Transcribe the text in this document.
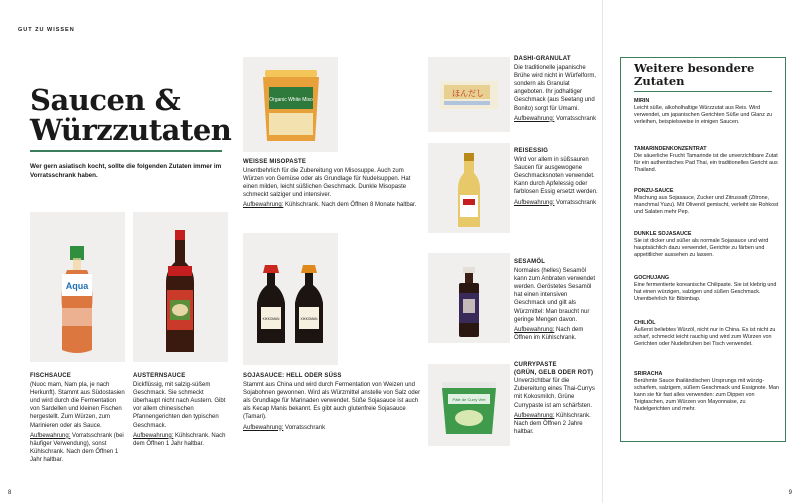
GUT ZU WISSEN
Saucen &
Würzzutaten
Wer gern asiatisch kocht, sollte die folgenden Zutaten immer im Vorratsschrank haben.
Aqua
Organic White Miso
KIKKOMAN	KIKKOMAN
ほんだし
Pâte de Curry Vert
FISCHSAUCE

(Nuoc mam, Nam pla, je nach Herkunft). Stammt aus Südostasien und wird durch die Fermentation von Sardellen und kleinen Fischen hergestellt. Zum Würzen, zum Marinieren oder als Sauce.

Aufbewahrung: Vorratsschrank (bei häufiger Verwendung), sonst Kühlschrank. Nach dem Öffnen 1 Jahr haltbar.

AUSTERNSAUCE

Dickflüssig, mit salzig-süßem Geschmack. Sie schmeckt überhaupt nicht nach Austern. Gibt vor allem chinesischen Pfannengerichten den typischen Geschmack.

Aufbewahrung: Kühlschrank. Nach dem Öffnen 1 Jahr haltbar.

WEISSE MISOPASTE

Unentbehrlich für die Zubereitung von Misosuppe. Auch zum Würzen von Gemüse oder als Grundlage für Nudelsuppen. Hat einen milden, leicht süßlichen Geschmack. Dunkle Misopaste schmeckt salziger und intensiver.

Aufbewahrung: Kühlschrank. Nach dem Öffnen 8 Monate haltbar.

SOJASAUCE: HELL ODER SÜSS

Stammt aus China und wird durch Fermentation von Weizen und Sojabohnen gewonnen. Wird als Würzmittel anstelle von Salz oder als Grundlage für Marinaden verwendet. Süße Sojasauce ist auch als Kecap Manis bekannt. Es gibt auch glutenfreie Sojasauce (Tamari).

Aufbewahrung: Vorratsschrank

DASHI-GRANULAT

Die traditionelle japanische Brühe wird nicht in Würfelform, sondern als Granulat angeboten. Ihr jodhaltiger Geschmack (aus Seetang und Bonito) sorgt für Umami.

Aufbewahrung: Vorratsschrank

REISESSIG

Wird vor allem in süßsauren Saucen für ausgewogene Geschmacksnoten verwendet. Kann durch Apfelessig oder farblosen Essig ersetzt werden.

Aufbewahrung: Vorratsschrank

SESAMÖL

Normales (helles) Sesamöl kann zum Anbraten verwendet werden. Geröstetes Sesamöl hat einen intensiven Geschmack und gilt als Würzmittel: Man braucht nur geringe Mengen davon.

Aufbewahrung: Nach dem Öffnen im Kühlschrank.

CURRYPASTE
(GRÜN, GELB ODER ROT)

Unverzichtbar für die Zubereitung eines Thai-Currys mit Kokosmilch. Grüne Currypaste ist am schärfsten.

Aufbewahrung: Kühlschrank. Nach dem Öffnen 2 Jahre haltbar.

Weitere besondere Zutaten
MIRIN

Leicht süße, alkoholhaltige Würzzutat aus Reis. Wird verwendet, um japanischen Gerichten Süße und Glanz zu verleihen, beispielsweise in einigen Saucen.

TAMARINDENKONZENTRAT

Die säuerliche Frucht Tamarinde ist die unverzichtbare Zutat für ein authentisches Pad Thai, ein traditionelles Gericht aus Thailand.

PONZU-SAUCE

Mischung aus Sojasauce, Zucker und Zitrussaft (Zitrone, manchmal Yuzu). Mit Olivenöl gemischt, verleiht sie Rohkost und Salaten mehr Pep.

DUNKLE SOJASAUCE

Sie ist dicker und süßer als normale Sojasauce und wird hauptsächlich dazu verwendet, Gerichte zu färben und appetitlicher aussehen zu lassen.

GOCHUJANG

Eine fermentierte koreanische Chilipaste. Sie ist klebrig und hat einen würzigen, salzigen und süßen Geschmack. Unentbehrlich für Bibimbap.

CHILIÖL

Äußerst beliebtes Würzöl, nicht nur in China. Es ist nicht zu scharf, schmeckt leicht rauchig und wird zum Würzen von Gerichten oder Nudelbrühen bei Tisch verwendet.

SRIRACHA

Berühmte Sauce thailändischen Ursprungs mit würzig-scharfem, salzigem, süßem Geschmack und Essignote. Man kann sie für fast alles verwenden: zum Dippen von Teigtaschen, zum Würzen von Mayonnaise, zu Nudelgerichten und mehr.

8	9
